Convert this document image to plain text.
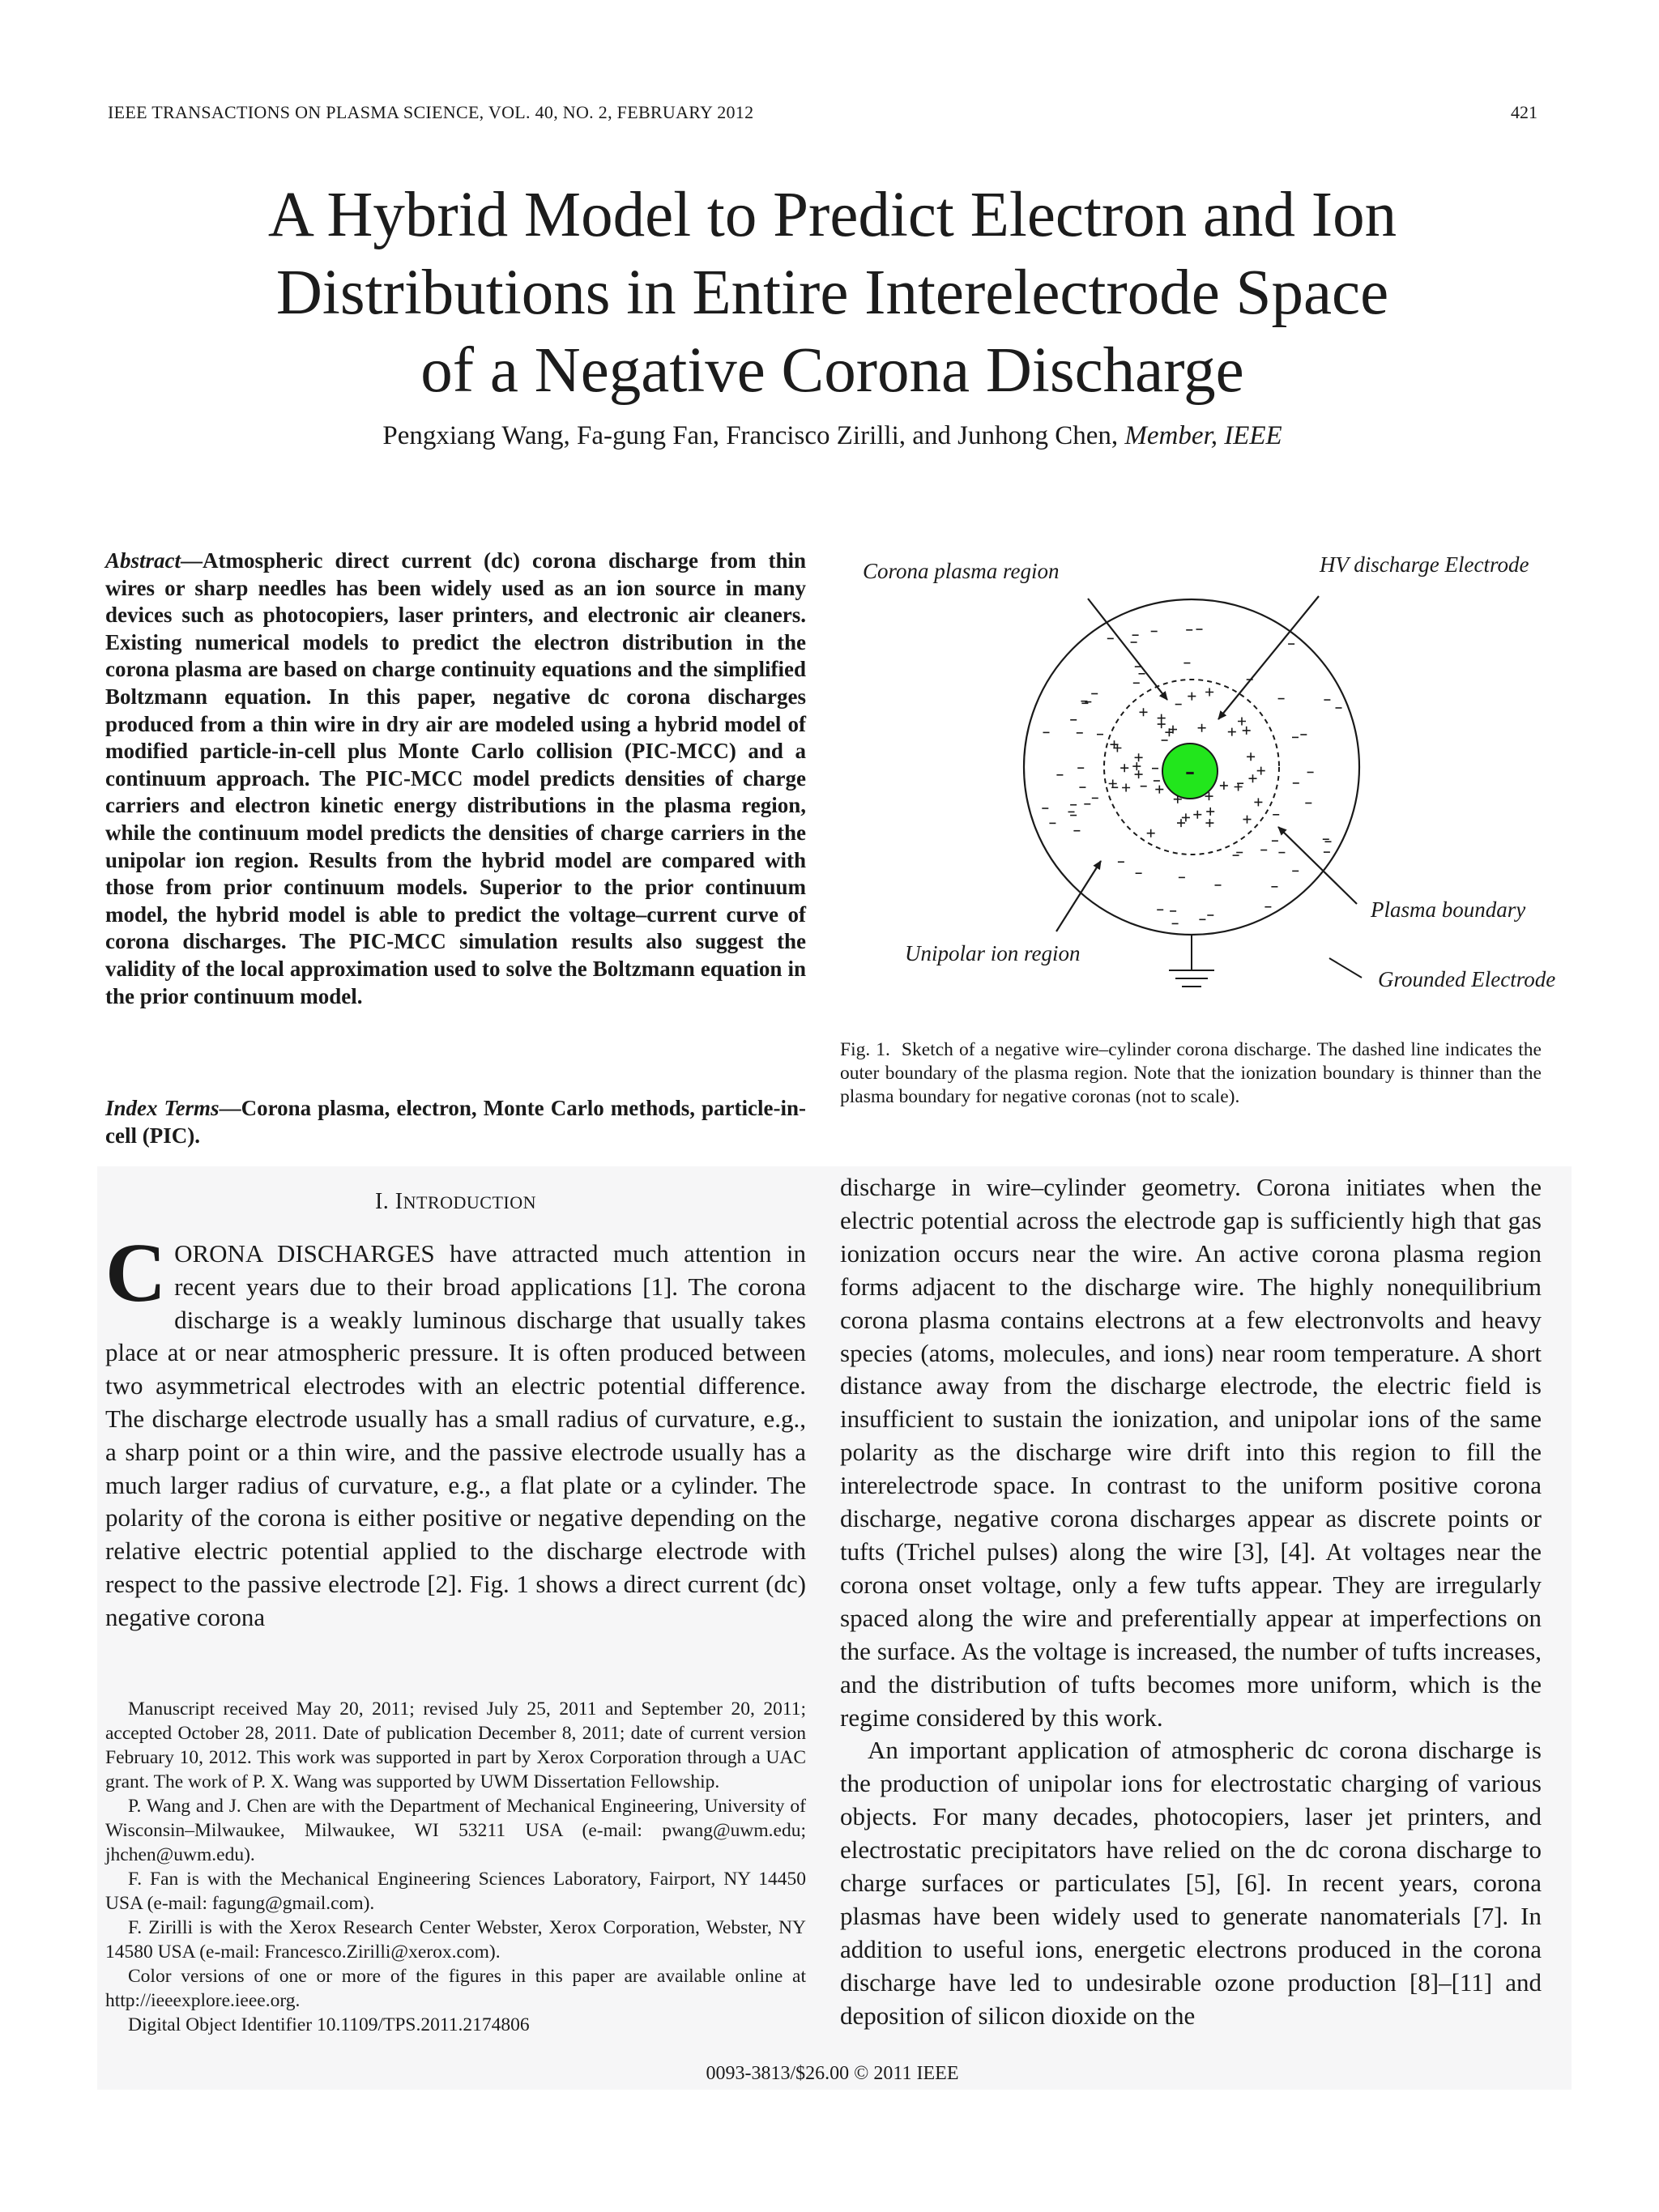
IEEE TRANSACTIONS ON PLASMA SCIENCE, VOL. 40, NO. 2, FEBRUARY 2012	421
A Hybrid Model to Predict Electron and Ion
Distributions in Entire Interelectrode Space
of a Negative Corona Discharge
Pengxiang Wang, Fa-gung Fan, Francisco Zirilli, and Junhong Chen, Member, IEEE
Abstract—Atmospheric direct current (dc) corona discharge from thin wires or sharp needles has been widely used as an ion source in many devices such as photocopiers, laser printers, and electronic air cleaners. Existing numerical models to predict the electron distribution in the corona plasma are based on charge continuity equations and the simplified Boltzmann equation. In this paper, negative dc corona discharges produced from a thin wire in dry air are modeled using a hybrid model of modified particle-in-cell plus Monte Carlo collision (PIC-MCC) and a continuum approach. The PIC-MCC model predicts densities of charge carriers and electron kinetic energy distributions in the plasma region, while the continuum model predicts the densities of charge carriers in the unipolar ion region. Results from the hybrid model are compared with those from prior continuum models. Superior to the prior continuum model, the hybrid model is able to predict the voltage–current curve of corona discharges. The PIC-MCC simulation results also suggest the validity of the local approximation used to solve the Boltzmann equation in the prior continuum model.
Index Terms—Corona plasma, electron, Monte Carlo methods, particle-in-cell (PIC).
I. INTRODUCTION
CORONA DISCHARGES have attracted much attention in recent years due to their broad applications [1]. The corona discharge is a weakly luminous discharge that usually takes place at or near atmospheric pressure. It is often produced between two asymmetrical electrodes with an electric potential difference. The discharge electrode usually has a small radius of curvature, e.g., a sharp point or a thin wire, and the passive electrode usually has a much larger radius of curvature, e.g., a flat plate or a cylinder. The polarity of the corona is either positive or negative depending on the relative electric potential applied to the discharge electrode with respect to the passive electrode [2]. Fig. 1 shows a direct current (dc) negative corona

Manuscript received May 20, 2011; revised July 25, 2011 and September 20, 2011; accepted October 28, 2011. Date of publication December 8, 2011; date of current version February 10, 2012. This work was supported in part by Xerox Corporation through a UAC grant. The work of P. X. Wang was supported by UWM Dissertation Fellowship.

P. Wang and J. Chen are with the Department of Mechanical Engineering, University of Wisconsin–Milwaukee, Milwaukee, WI 53211 USA (e-mail: pwang@uwm.edu; jhchen@uwm.edu).

F. Fan is with the Mechanical Engineering Sciences Laboratory, Fairport, NY 14450 USA (e-mail: fagung@gmail.com).

F. Zirilli is with the Xerox Research Center Webster, Xerox Corporation, Webster, NY 14580 USA (e-mail: Francesco.Zirilli@xerox.com).

Color versions of one or more of the figures in this paper are available online at http://ieeexplore.ieee.org.

Digital Object Identifier 10.1109/TPS.2011.2174806

-
Corona plasma region	HV discharge Electrode
Plasma boundary
Unipolar ion region
Grounded Electrode
Fig. 1. Sketch of a negative wire–cylinder corona discharge. The dashed line indicates the outer boundary of the plasma region. Note that the ionization boundary is thinner than the plasma boundary for negative coronas (not to scale).

discharge in wire–cylinder geometry. Corona initiates when the electric potential across the electrode gap is sufficiently high that gas ionization occurs near the wire. An active corona plasma region forms adjacent to the discharge wire. The highly nonequilibrium corona plasma contains electrons at a few electronvolts and heavy species (atoms, molecules, and ions) near room temperature. A short distance away from the discharge electrode, the electric field is insufficient to sustain the ionization, and unipolar ions of the same polarity as the discharge wire drift into this region to fill the interelectrode space. In contrast to the uniform positive corona discharge, negative corona discharges appear as discrete points or tufts (Trichel pulses) along the wire [3], [4]. At voltages near the corona onset voltage, only a few tufts appear. They are irregularly spaced along the wire and preferentially appear at imperfections on the surface. As the voltage is increased, the number of tufts increases, and the distribution of tufts becomes more uniform, which is the regime considered by this work.

An important application of atmospheric dc corona discharge is the production of unipolar ions for electrostatic charging of various objects. For many decades, photocopiers, laser jet printers, and electrostatic precipitators have relied on the dc corona discharge to charge surfaces or particulates [5], [6]. In recent years, corona plasmas have been widely used to generate nanomaterials [7]. In addition to useful ions, energetic electrons produced in the corona discharge have led to undesirable ozone production [8]–[11] and deposition of silicon dioxide on the

0093-3813/$26.00 © 2011 IEEE
